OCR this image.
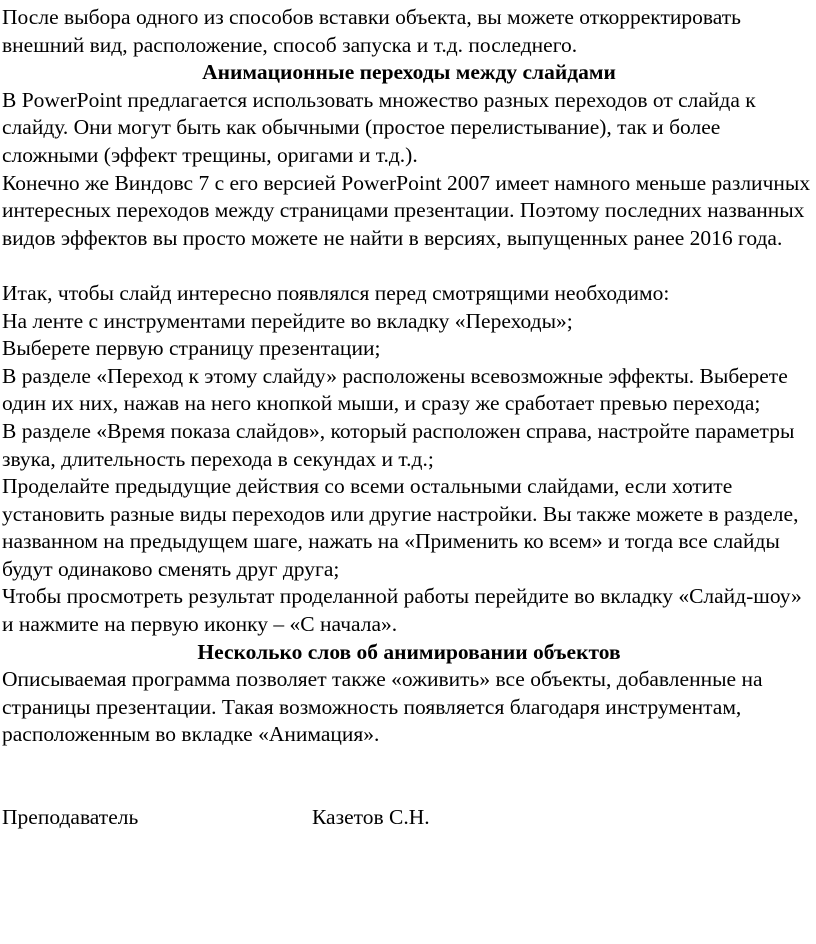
После выбора одного из способов вставки объекта, вы можете откорректировать внешний вид, расположение, способ запуска и т.д. последнего.

Анимационные переходы между слайдами

В PowerPoint предлагается использовать множество разных переходов от слайда к слайду. Они могут быть как обычными (простое перелистывание), так и более сложными (эффект трещины, оригами и т.д.).

Конечно же Виндовс 7 с его версией PowerPoint 2007 имеет намного меньше различных интересных переходов между страницами презентации. Поэтому последних названных видов эффектов вы просто можете не найти в версиях, выпущенных ранее 2016 года.

Итак, чтобы слайд интересно появлялся перед смотрящими необходимо:

На ленте с инструментами перейдите во вкладку «Переходы»;

Выберете первую страницу презентации;

В разделе «Переход к этому слайду» расположены всевозможные эффекты. Выберете один их них, нажав на него кнопкой мыши, и сразу же сработает превью перехода;

В разделе «Время показа слайдов», который расположен справа, настройте параметры звука, длительность перехода в секундах и т.д.;

Проделайте предыдущие действия со всеми остальными слайдами, если хотите установить разные виды переходов или другие настройки. Вы также можете в разделе, названном на предыдущем шаге, нажать на «Применить ко всем» и тогда все слайды будут одинаково сменять друг друга;

Чтобы просмотреть результат проделанной работы перейдите во вкладку «Слайд-шоу» и нажмите на первую иконку – «С начала».

Несколько слов об анимировании объектов

Описываемая программа позволяет также «оживить» все объекты, добавленные на страницы презентации. Такая возможность появляется благодаря инструментам, расположенным во вкладке «Анимация».

Преподаватель	Казетов С.Н.
